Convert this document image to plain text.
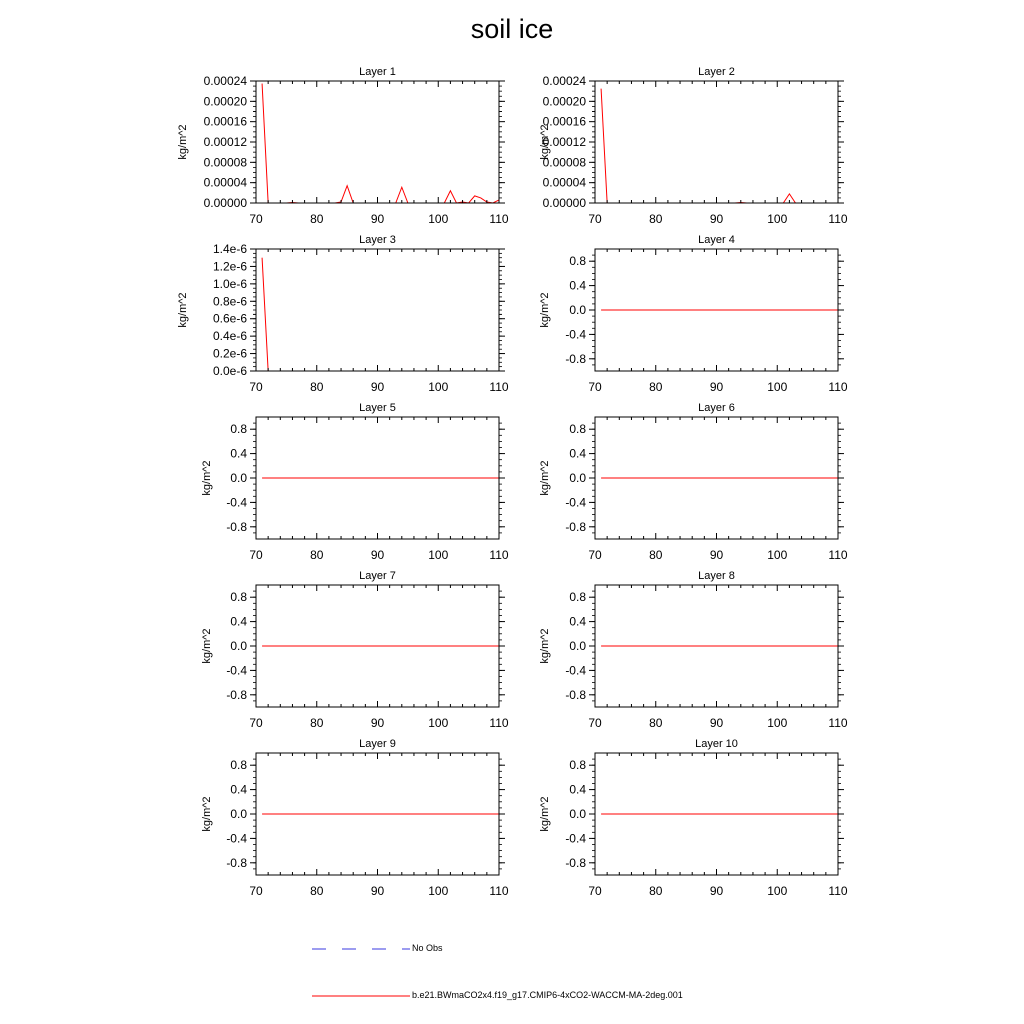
soil ice
Layer 1
kg/m^2
70	80	90	100	110
0.00000
0.00004
0.00008
0.00012
0.00016
0.00020
0.00024
Layer 2
kg/m^2
70	80	90	100	110
0.00000
0.00004
0.00008
0.00012
0.00016
0.00020
0.00024
Layer 3
kg/m^2
70	80	90	100	110
0.0e-6
0.2e-6
0.4e-6
0.6e-6
0.8e-6
1.0e-6
1.2e-6
1.4e-6
Layer 4
kg/m^2
70	80	90	100	110
-0.8
-0.4
0.0
0.4
0.8
Layer 5
kg/m^2
70	80	90	100	110
-0.8
-0.4
0.0
0.4
0.8
Layer 6
kg/m^2
70	80	90	100	110
-0.8
-0.4
0.0
0.4
0.8
Layer 7
kg/m^2
70	80	90	100	110
-0.8
-0.4
0.0
0.4
0.8
Layer 8
kg/m^2
70	80	90	100	110
-0.8
-0.4
0.0
0.4
0.8
Layer 9
kg/m^2
70	80	90	100	110
-0.8
-0.4
0.0
0.4
0.8
Layer 10
kg/m^2
70	80	90	100	110
-0.8
-0.4
0.0
0.4
0.8
No Obs
b.e21.BWmaCO2x4.f19_g17.CMIP6-4xCO2-WACCM-MA-2deg.001
